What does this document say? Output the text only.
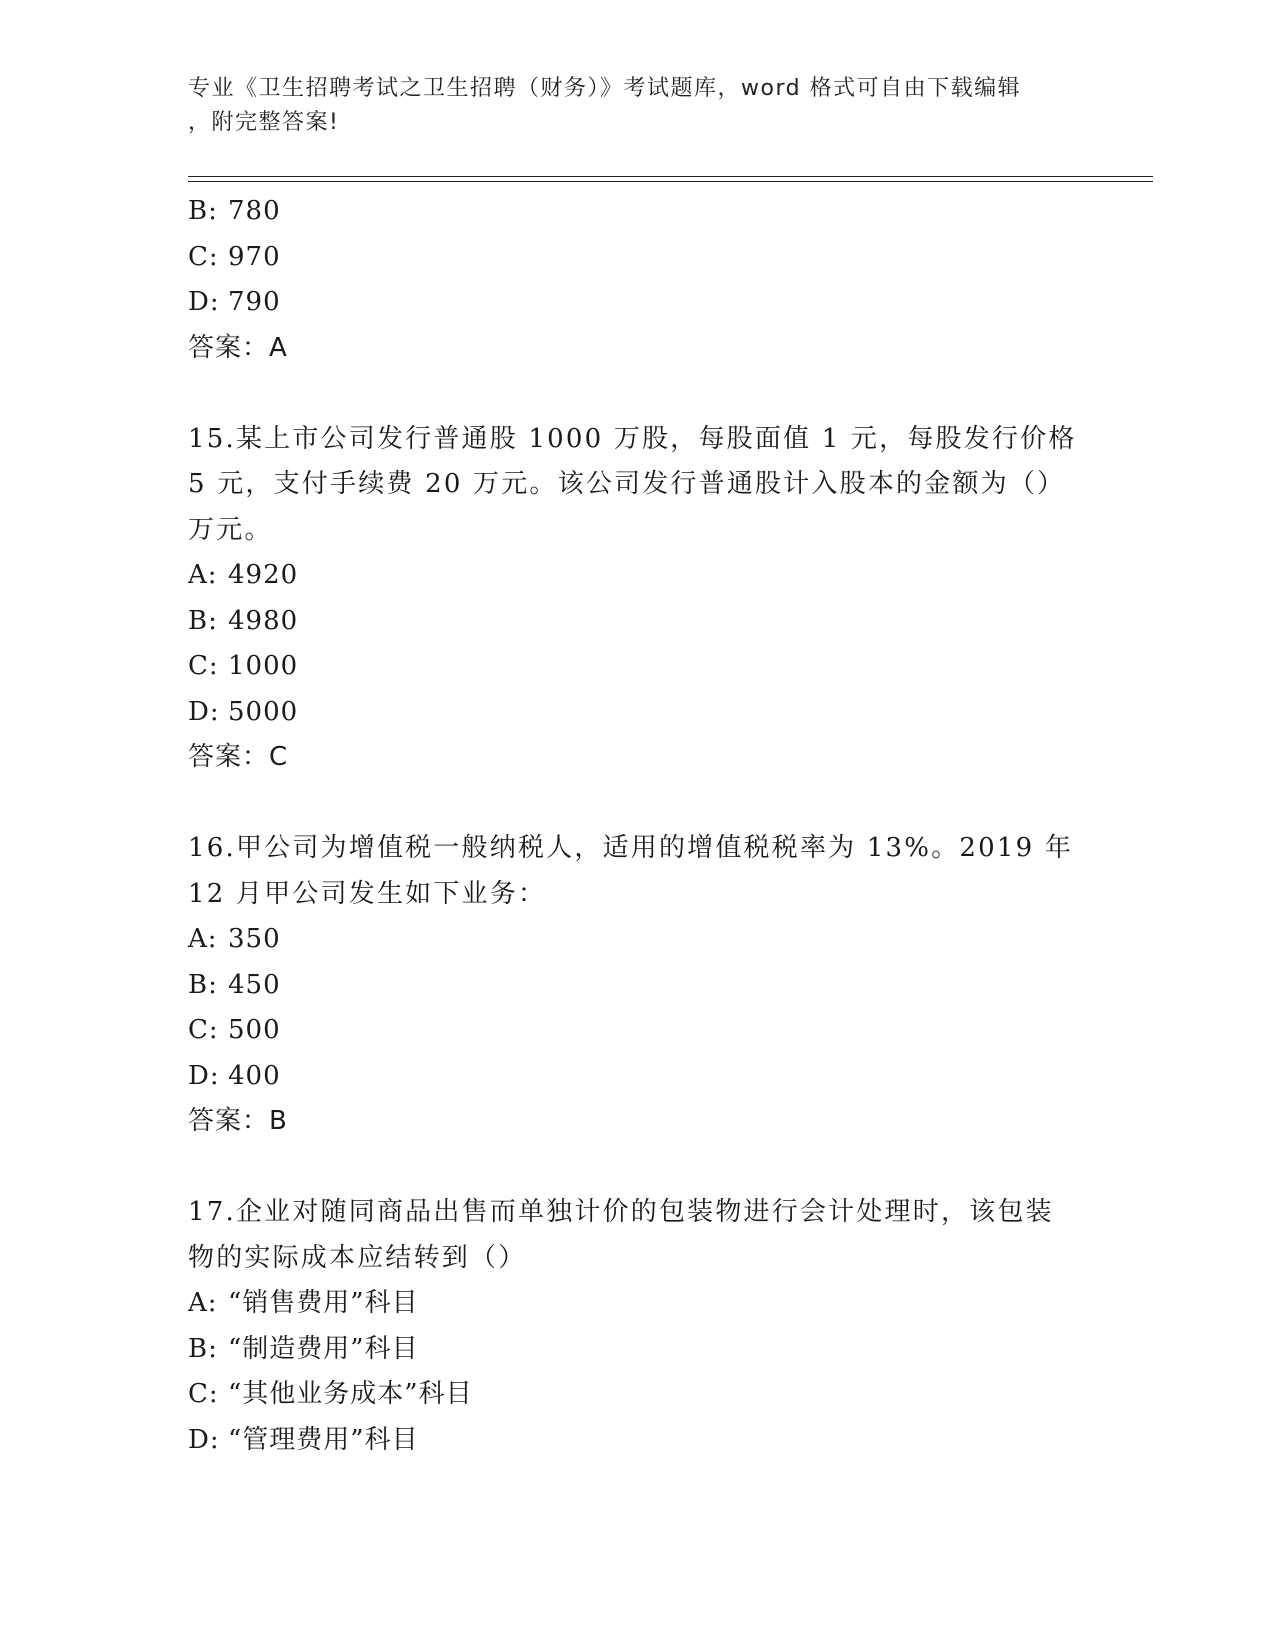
专业《卫生招聘考试之卫生招聘（财务）》考试题库，word 格式可自由下载编辑
，附完整答案!
B: 780
C: 970
D: 790
答案：A
15.某上市公司发行普通股 1000 万股，每股面值 1 元，每股发行价格
5 元，支付手续费 20 万元。该公司发行普通股计入股本的金额为（）
万元。
A: 4920
B: 4980
C: 1000
D: 5000
答案：C
16.甲公司为增值税一般纳税人，适用的增值税税率为 13%。2019 年
12 月甲公司发生如下业务：
A: 350
B: 450
C: 500
D: 400
答案：B
17.企业对随同商品出售而单独计价的包装物进行会计处理时，该包装
物的实际成本应结转到（）
A: “销售费用”科目
B: “制造费用”科目
C: “其他业务成本”科目
D: “管理费用”科目
